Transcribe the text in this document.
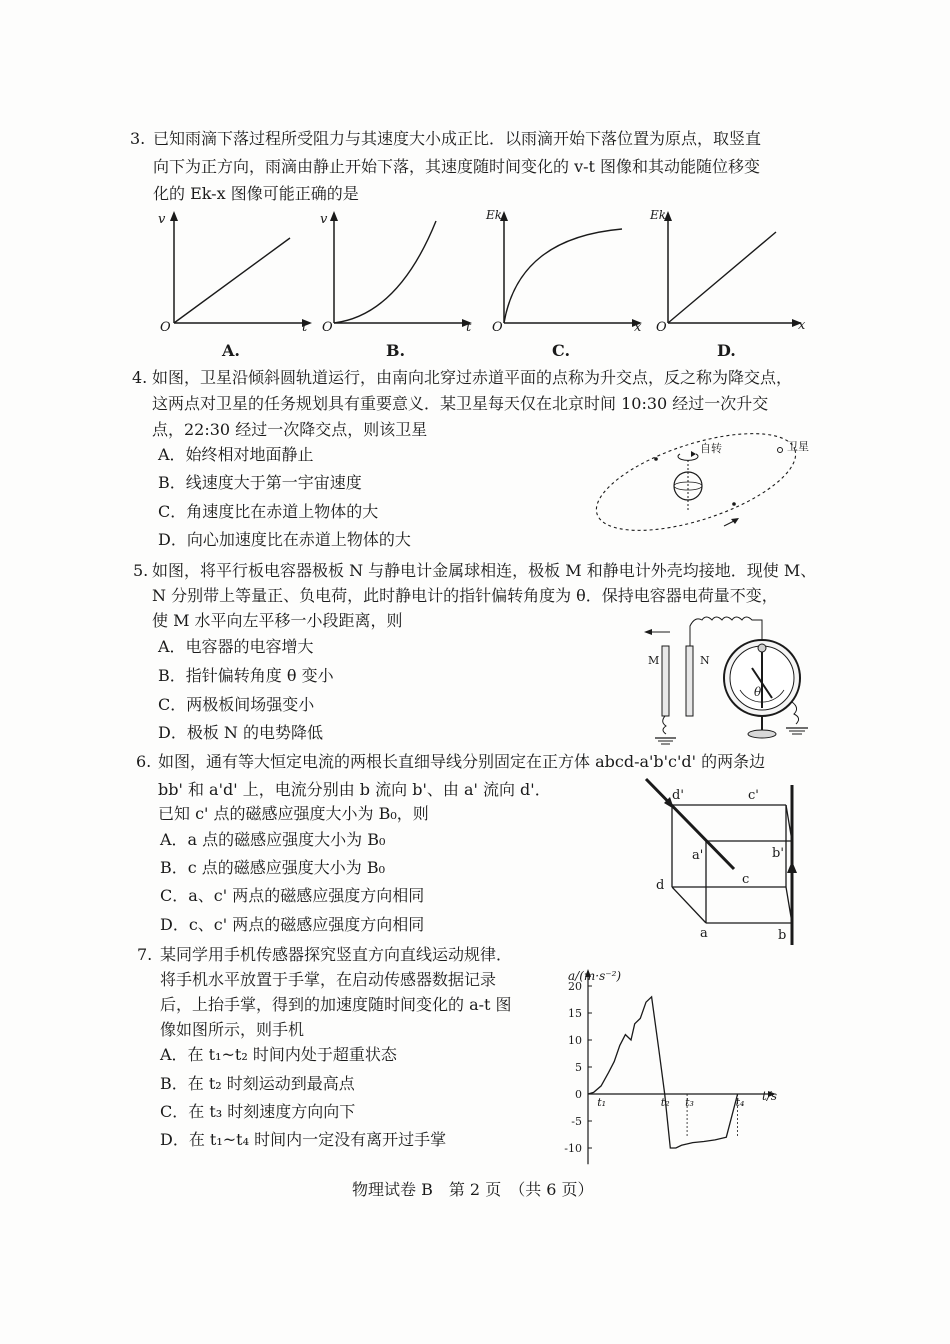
3. 已知雨滴下落过程所受阻力与其速度大小成正比．以雨滴开始下落位置为原点，取竖直
向下为正方向，雨滴由静止开始下落，其速度随时间变化的 v-t 图像和其动能随位移变
化的 Ek-x 图像可能正确的是
v
t
O
A.
v
t
O
B.
Ek
x
O
C.
Ek
x
O
D.
4. 如图，卫星沿倾斜圆轨道运行，由南向北穿过赤道平面的点称为升交点，反之称为降交点，
这两点对卫星的任务规划具有重要意义．某卫星每天仅在北京时间 10:30 经过一次升交
点，22:30 经过一次降交点，则该卫星
A．始终相对地面静止
B．线速度大于第一宇宙速度
C．角速度比在赤道上物体的大
D．向心加速度比在赤道上物体的大
自转	卫星
5. 如图，将平行板电容器极板 N 与静电计金属球相连，极板 M 和静电计外壳均接地．现使 M、
N 分别带上等量正、负电荷，此时静电计的指针偏转角度为 θ．保持电容器电荷量不变，
使 M 水平向左平移一小段距离，则
A．电容器的电容增大
B．指针偏转角度 θ 变小
C．两极板间场强变小
D．极板 N 的电势降低
M	N
θ
6. 如图，通有等大恒定电流的两根长直细导线分别固定在正方体 abcd-a'b'c'd' 的两条边
bb' 和 a'd' 上，电流分别由 b 流向 b'、由 a' 流向 d'．
已知 c' 点的磁感应强度大小为 B₀，则
A．a 点的磁感应强度大小为 B₀
B．c 点的磁感应强度大小为 B₀
C．a、c' 两点的磁感应强度方向相同
D．c、c' 两点的磁感应强度方向相同
d'	c'
a'	b'
d	c
a	b
7. 某同学用手机传感器探究竖直方向直线运动规律．
将手机水平放置于手掌，在启动传感器数据记录
后，上抬手掌，得到的加速度随时间变化的 a-t 图
像如图所示，则手机
A．在 t₁~t₂ 时间内处于超重状态
B．在 t₂ 时刻运动到最高点
C．在 t₃ 时刻速度方向向下
D．在 t₁~t₄ 时间内一定没有离开过手掌
20
15
10
5
0
-5
-10
t₁	t₂ t₃	t₄
a/(m·s⁻²)
t/s
物理试卷 B　第 2 页　（共 6 页）
